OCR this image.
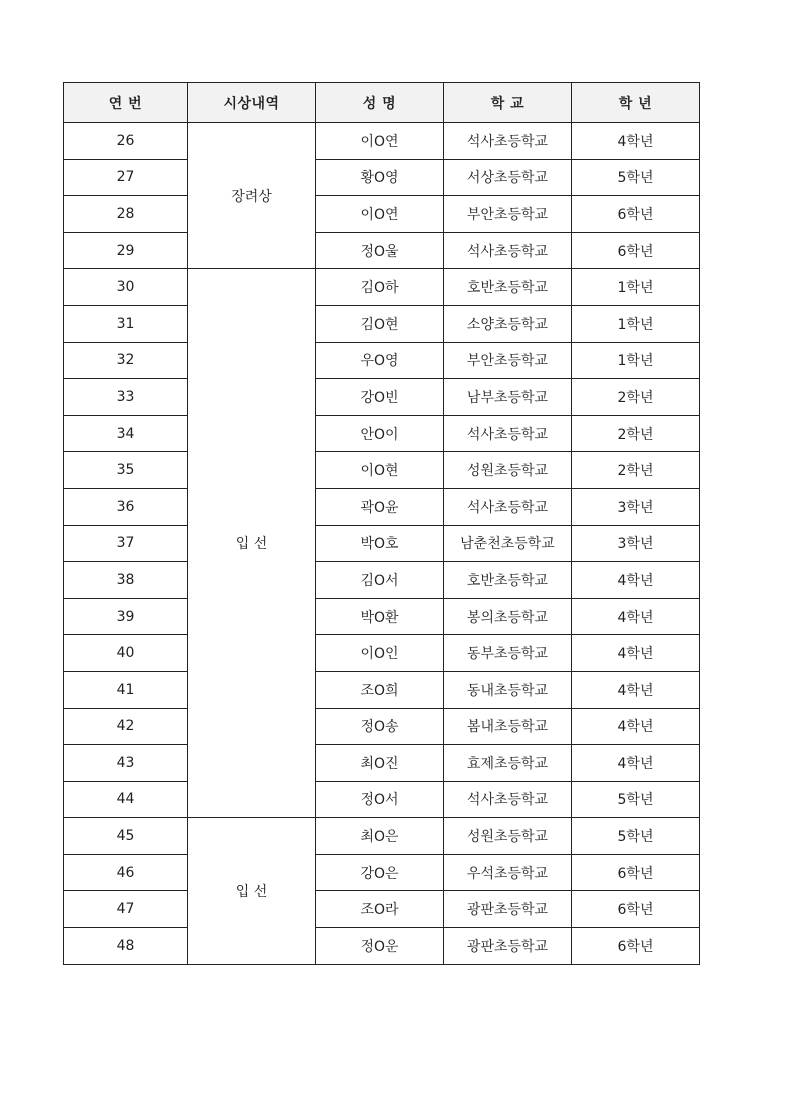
연 번	시상내역	성 명	학 교	학 년
26	장려상	이O연	석사초등학교	4학년
27		황O영	서상초등학교	5학년
28		이O연	부안초등학교	6학년
29		정O울	석사초등학교	6학년
30	입 선	김O하	호반초등학교	1학년
31		김O현	소양초등학교	1학년
32		우O영	부안초등학교	1학년
33		강O빈	남부초등학교	2학년
34		안O이	석사초등학교	2학년
35		이O현	성원초등학교	2학년
36		곽O윤	석사초등학교	3학년
37		박O호	남춘천초등학교	3학년
38		김O서	호반초등학교	4학년
39		박O환	봉의초등학교	4학년
40		이O인	동부초등학교	4학년
41		조O희	동내초등학교	4학년
42		정O송	봄내초등학교	4학년
43		최O진	효제초등학교	4학년
44		정O서	석사초등학교	5학년
45	입 선	최O은	성원초등학교	5학년
46		강O은	우석초등학교	6학년
47		조O라	광판초등학교	6학년
48		정O운	광판초등학교	6학년
